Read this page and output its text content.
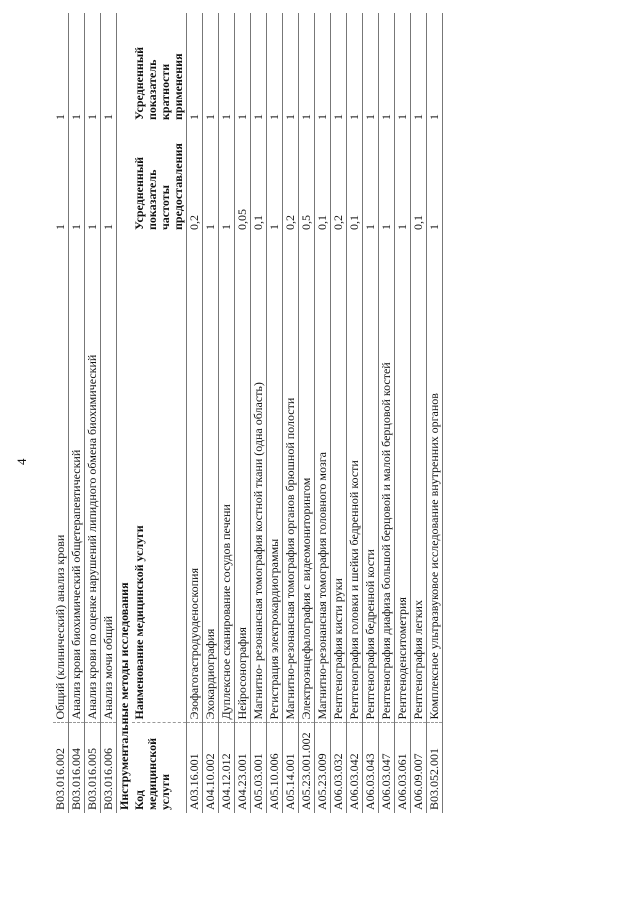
4
B03.016.002	Общий (клинический) анализ крови	1	1
B03.016.004	Анализ крови биохимический общетерапевтический	1	1
B03.016.005	Анализ крови по оценке нарушений липидного обмена биохимический	1	1
B03.016.006	Анализ мочи общий	1	1
Инструментальные методы исследования			
Код медицинской услуги	Наименование медицинской услуги	Усредненный показатель частоты предоставления	Усредненный показатель кратности применения
A03.16.001	Эзофагогастродуоденоскопия	0,2	1
A04.10.002	Эхокардиография	1	1
A04.12.012	Дуплексное сканирование сосудов печени	1	1
A04.23.001	Нейросонография	0,05	1
A05.03.001	Магнитно- резонансная томография костной ткани (одна область)	0,1	1
A05.10.006	Регистрация электрокардиограммы	1	1
A05.14.001	Магнитно-резонансная томография органов брюшной полости	0,2	1
A05.23.001.002	Электроэнцефалография с видеомониторингом	0,5	1
A05.23.009	Магнитно-резонансная томография головного мозга	0,1	1
A06.03.032	Рентгенография кисти руки	0,2	1
A06.03.042	Рентгенография головки и шейки бедренной кости	0,1	1
A06.03.043	Рентгенография бедренной кости	1	1
A06.03.047	Рентгенография диафиза большой берцовой и малой берцовой костей	1	1
A06.03.061	Рентгеноденситометрия	1	1
A06.09.007	Рентгенография легких	0,1	1
B03.052.001	Комплексное ультразвуковое исследование внутренних органов	1	1
